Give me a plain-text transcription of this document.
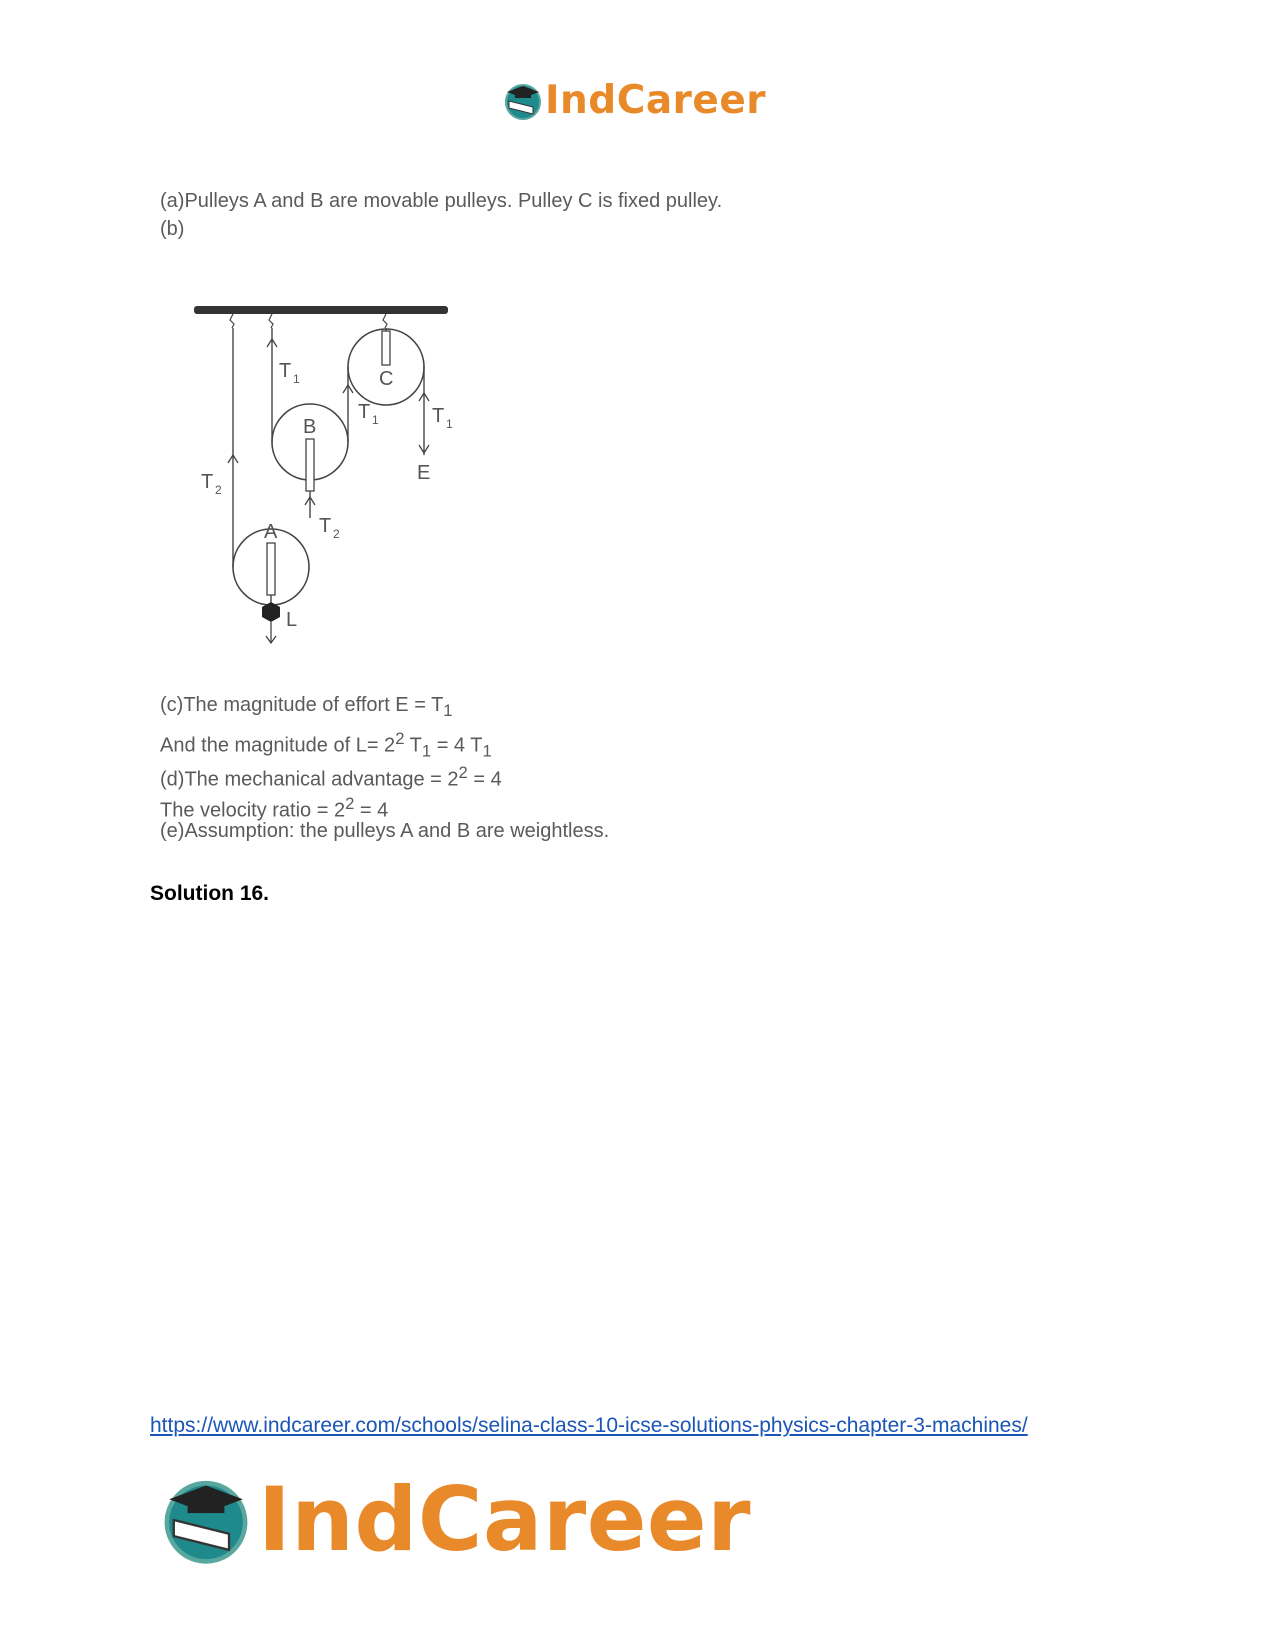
IndCareer
(a)Pulleys A and B are movable pulleys. Pulley C is fixed pulley.
(b)
T 1
T 1	T 1
T 2
T 2
A
B
C
E
L
(c)The magnitude of effort $E = T_1$
And the magnitude of $L= 2^2$ $T_1 = 4$ $T_1$
(d)The mechanical advantage = $2^2 = 4$
The velocity ratio = $2^2 = 4$
(e)Assumption: the pulleys A and B are weightless.
Solution 16.
https://www.indcareer.com/schools/selina-class-10-icse-solutions-physics-chapter-3-machines/
IndCareer
